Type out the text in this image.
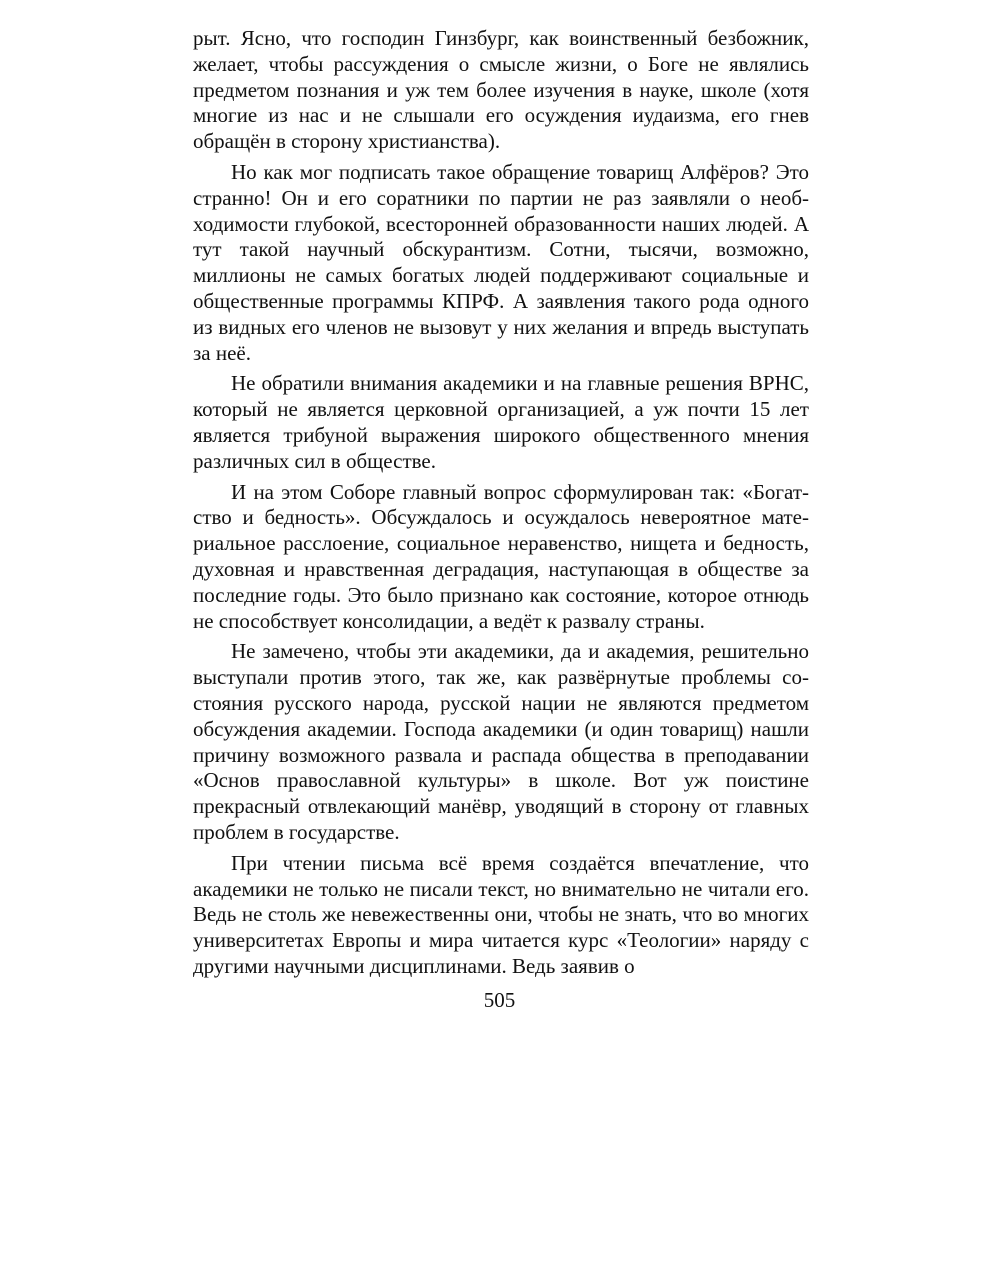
рыт. Ясно, что господин Гинзбург, как воинственный безбожник, желает, чтобы рассуждения о смысле жизни, о Боге не являлись предметом познания и уж тем более изучения в науке, школе (хотя многие из нас и не слышали его осуждения иудаизма, его гнев обращён в сторону христианства).

Но как мог подписать такое обращение товарищ Алфёров? Это странно! Он и его соратники по партии не раз заявляли о необходимости глубокой, всесторонней образованности наших людей. А тут такой научный обскурантизм. Сотни, тысячи, возможно, миллионы не самых богатых людей поддерживают социальные и общественные программы КПРФ. А заявления такого рода одного из видных его членов не вызовут у них желания и впредь выступать за неё.

Не обратили внимания академики и на главные решения ВРНС, который не является церковной организацией, а уж почти 15 лет является трибуной выражения широкого общественного мнения различных сил в обществе.

И на этом Соборе главный вопрос сформулирован так: «Богатство и бедность». Обсуждалось и осуждалось невероятное материальное расслоение, социальное неравенство, нищета и бедность, духовная и нравственная деградация, наступающая в обществе за последние годы. Это было признано как состояние, которое отнюдь не способствует консолидации, а ведёт к развалу страны.

Не замечено, чтобы эти академики, да и академия, решительно выступали против этого, так же, как развёрнутые проблемы состояния русского народа, русской нации не являются предметом обсуждения академии. Господа академики (и один товарищ) нашли причину возможного развала и распада общества в преподавании «Основ православной культуры» в школе. Вот уж поистине прекрасный отвлекающий манёвр, уводящий в сторону от главных проблем в государстве.

При чтении письма всё время создаётся впечатление, что академики не только не писали текст, но внимательно не читали его. Ведь не столь же невежественны они, чтобы не знать, что во многих университетах Европы и мира читается курс «Теологии» наряду с другими научными дисциплинами. Ведь заявив о

505
